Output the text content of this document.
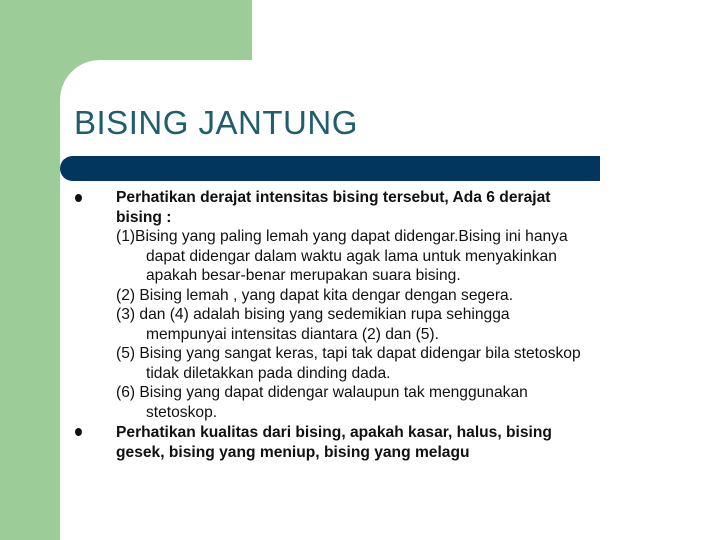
BISING JANTUNG
Perhatikan derajat intensitas bising tersebut, Ada 6 derajat
bising :
(1)Bising yang paling lemah yang dapat didengar.Bising ini hanya
dapat didengar dalam waktu agak lama untuk menyakinkan
apakah besar-benar merupakan suara bising.
(2) Bising lemah , yang dapat kita dengar dengan segera.
(3) dan (4) adalah bising yang sedemikian rupa sehingga
mempunyai intensitas diantara (2) dan (5).
(5) Bising yang sangat keras, tapi tak dapat didengar bila stetoskop
tidak diletakkan pada dinding dada.
(6) Bising yang dapat didengar walaupun tak menggunakan
stetoskop.
Perhatikan kualitas dari bising, apakah kasar, halus, bising
gesek, bising yang meniup, bising yang melagu
